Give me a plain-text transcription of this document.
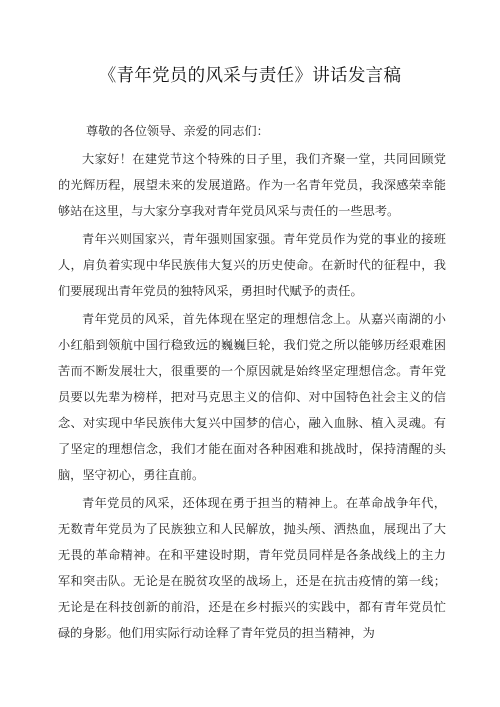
《青年党员的风采与责任》讲话发言稿

尊敬的各位领导、亲爱的同志们：

大家好！在建党节这个特殊的日子里，我们齐聚一堂，共同回顾党的光辉历程，展望未来的发展道路。作为一名青年党员，我深感荣幸能够站在这里，与大家分享我对青年党员风采与责任的一些思考。

青年兴则国家兴，青年强则国家强。青年党员作为党的事业的接班人，肩负着实现中华民族伟大复兴的历史使命。在新时代的征程中，我们要展现出青年党员的独特风采，勇担时代赋予的责任。

青年党员的风采，首先体现在坚定的理想信念上。从嘉兴南湖的小小红船到领航中国行稳致远的巍巍巨轮，我们党之所以能够历经艰难困苦而不断发展壮大，很重要的一个原因就是始终坚定理想信念。青年党员要以先辈为榜样，把对马克思主义的信仰、对中国特色社会主义的信念、对实现中华民族伟大复兴中国梦的信心，融入血脉、植入灵魂。有了坚定的理想信念，我们才能在面对各种困难和挑战时，保持清醒的头脑，坚守初心，勇往直前。

青年党员的风采，还体现在勇于担当的精神上。在革命战争年代，无数青年党员为了民族独立和人民解放，抛头颅、洒热血，展现出了大无畏的革命精神。在和平建设时期，青年党员同样是各条战线上的主力军和突击队。无论是在脱贫攻坚的战场上，还是在抗击疫情的第一线；无论是在科技创新的前沿，还是在乡村振兴的实践中，都有青年党员忙碌的身影。他们用实际行动诠释了青年党员的担当精神，为
